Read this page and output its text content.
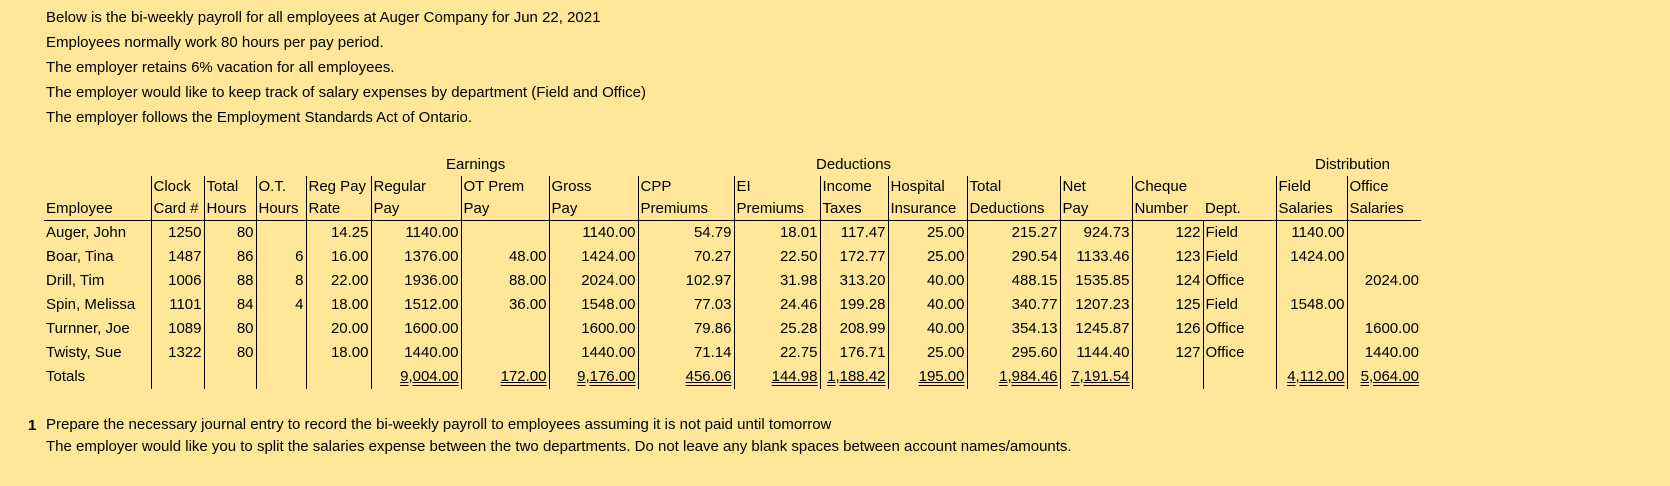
Below is the bi-weekly payroll for all employees at Auger Company for Jun 22, 2021
Employees normally work 80 hours per pay period.
The employer retains 6% vacation for all employees.
The employer would like to keep track of salary expenses by department (Field and Office)
The employer follows the Employment Standards Act of Ontario.
Earnings	Deductions	Distribution
	Clock	Total	O.T.	Reg Pay	Regular	OT Prem	Gross	CPP	EI	Income	Hospital	Total	Net	Cheque		Field	Office
Employee	Card #	Hours	Hours	Rate	Pay	Pay	Pay	Premiums	Premiums	Taxes	Insurance	Deductions	Pay	Number	Dept.	Salaries	Salaries
Auger, John	1250	80		14.25	1140.00		1140.00	54.79	18.01	117.47	25.00	215.27	924.73	122	Field	1140.00	
Boar, Tina	1487	86	6	16.00	1376.00	48.00	1424.00	70.27	22.50	172.77	25.00	290.54	1133.46	123	Field	1424.00	
Drill, Tim	1006	88	8	22.00	1936.00	88.00	2024.00	102.97	31.98	313.20	40.00	488.15	1535.85	124	Office		2024.00
Spin, Melissa	1101	84	4	18.00	1512.00	36.00	1548.00	77.03	24.46	199.28	40.00	340.77	1207.23	125	Field	1548.00	
Turnner, Joe	1089	80		20.00	1600.00		1600.00	79.86	25.28	208.99	40.00	354.13	1245.87	126	Office		1600.00
Twisty, Sue	1322	80		18.00	1440.00		1440.00	71.14	22.75	176.71	25.00	295.60	1144.40	127	Office		1440.00
Totals					9,004.00	172.00	9,176.00	456.06	144.98	1,188.42	195.00	1,984.46	7,191.54			4,112.00	5,064.00
1 Prepare the necessary journal entry to record the bi-weekly payroll to employees assuming it is not paid until tomorrow
The employer would like you to split the salaries expense between the two departments. Do not leave any blank spaces between account names/amounts.
